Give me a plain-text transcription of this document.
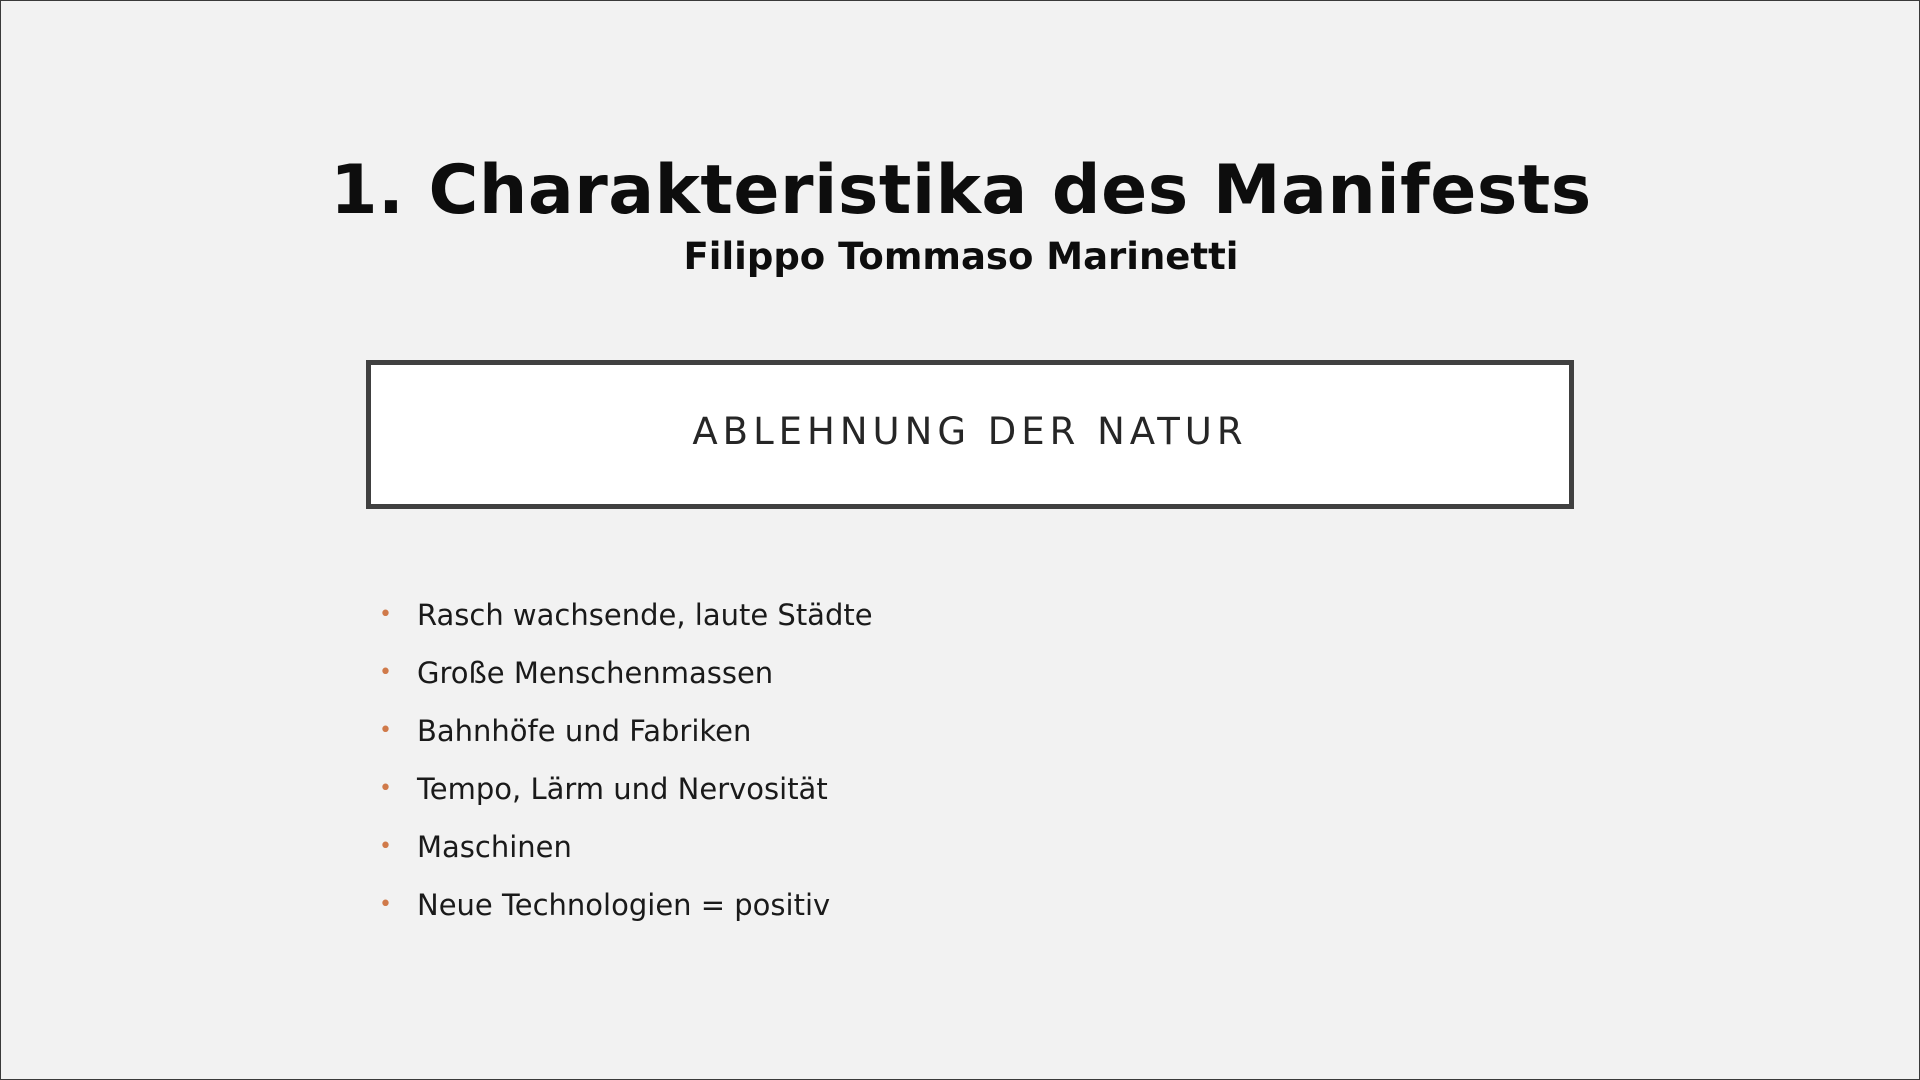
1. Charakteristika des Manifests
Filippo Tommaso Marinetti
ABLEHNUNG DER NATUR
• Rasch wachsende, laute Städte
• Große Menschenmassen
• Bahnhöfe und Fabriken
• Tempo, Lärm und Nervosität
• Maschinen
• Neue Technologien = positiv
